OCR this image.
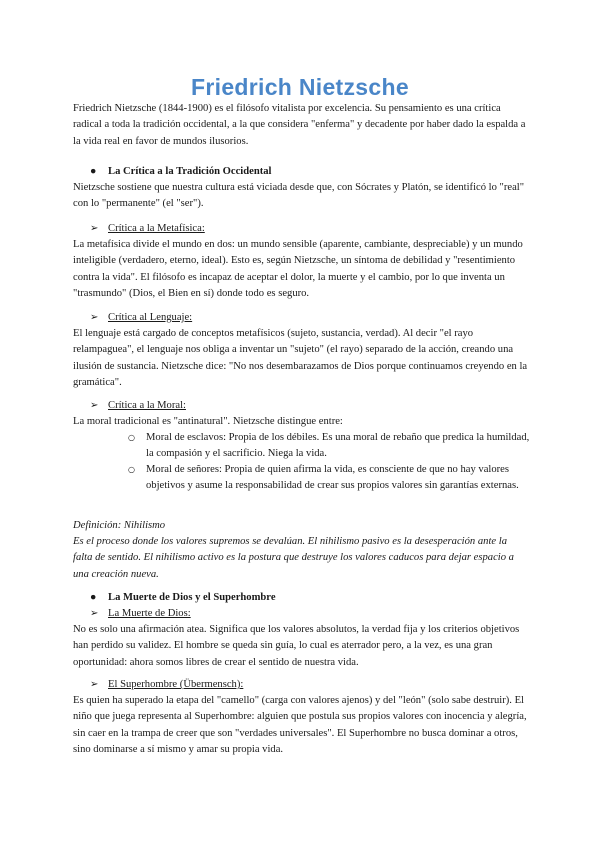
Friedrich Nietzsche

Friedrich Nietzsche (1844-1900) es el filósofo vitalista por excelencia. Su pensamiento es una crítica radical a toda la tradición occidental, a la que considera "enferma" y decadente por haber dado la espalda a la vida real en favor de mundos ilusorios.

● La Crítica a la Tradición Occidental

Nietzsche sostiene que nuestra cultura está viciada desde que, con Sócrates y Platón, se identificó lo "real" con lo "permanente" (el "ser").

➢ Crítica a la Metafísica:

La metafísica divide el mundo en dos: un mundo sensible (aparente, cambiante, despreciable) y un mundo inteligible (verdadero, eterno, ideal). Esto es, según Nietzsche, un síntoma de debilidad y "resentimiento contra la vida". El filósofo es incapaz de aceptar el dolor, la muerte y el cambio, por lo que inventa un "trasmundo" (Dios, el Bien en sí) donde todo es seguro.

➢ Crítica al Lenguaje:

El lenguaje está cargado de conceptos metafísicos (sujeto, sustancia, verdad). Al decir "el rayo relampaguea", el lenguaje nos obliga a inventar un "sujeto" (el rayo) separado de la acción, creando una ilusión de sustancia. Nietzsche dice: "No nos desembarazamos de Dios porque continuamos creyendo en la gramática".

➢ Crítica a la Moral:

La moral tradicional es "antinatural". Nietzsche distingue entre:

○ Moral de esclavos: Propia de los débiles. Es una moral de rebaño que predica la humildad, la compasión y el sacrificio. Niega la vida.
○ Moral de señores: Propia de quien afirma la vida, es consciente de que no hay valores objetivos y asume la responsabilidad de crear sus propios valores sin garantías externas.
Definición: Nihilismo

Es el proceso donde los valores supremos se devalúan. El nihilismo pasivo es la desesperación ante la falta de sentido. El nihilismo activo es la postura que destruye los valores caducos para dejar espacio a una creación nueva.

● La Muerte de Dios y el Superhombre
➢ La Muerte de Dios:

No es solo una afirmación atea. Significa que los valores absolutos, la verdad fija y los criterios objetivos han perdido su validez. El hombre se queda sin guía, lo cual es aterrador pero, a la vez, es una gran oportunidad: ahora somos libres de crear el sentido de nuestra vida.

➢ El Superhombre (Übermensch):

Es quien ha superado la etapa del "camello" (carga con valores ajenos) y del "león" (solo sabe destruir). El niño que juega representa al Superhombre: alguien que postula sus propios valores con inocencia y alegría, sin caer en la trampa de creer que son "verdades universales". El Superhombre no busca dominar a otros, sino dominarse a sí mismo y amar su propia vida.
